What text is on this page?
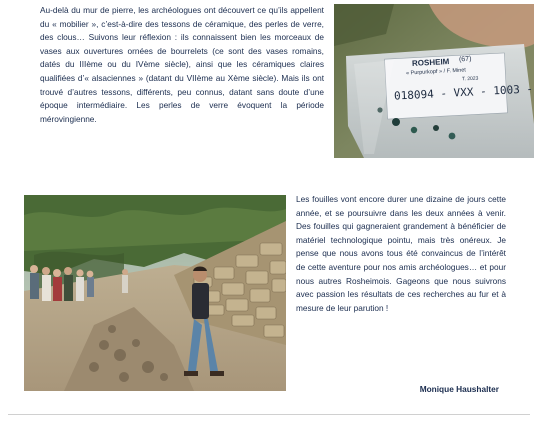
Au-delà du mur de pierre, les archéologues ont découvert ce qu’ils appellent du « mobilier », c’est-à-dire des tessons de céramique, des perles de verre, des clous… Suivons leur réflexion : ils connaissent bien les morceaux de vases aux ouvertures ornées de bourrelets (ce sont des vases romains, datés du IIIème ou du IVème siècle), ainsi que les céramiques claires qualifiées d’« alsaciennes » (datant du VIIème au Xème siècle). Mais ils ont trouvé d’autres tessons, différents, peu connus, datant sans doute d’une époque intermédiaire. Les perles de verre évoquent la période mérovingienne.

ROSHEIM (67)
« Purpurkopf » / F. Minet
T. 2023
018094 - VXX - 1003 -

Les fouilles vont encore durer une dizaine de jours cette année, et se poursuivre dans les deux années à venir. Des fouilles qui gagneraient grandement à bénéficier de matériel technologique pointu, mais très onéreux. Je pense que nous avons tous été convaincus de l’intérêt de cette aventure pour nos amis archéologues… et pour nous autres Rosheimois. Gageons que nous suivrons avec passion les résultats de ces recherches au fur et à mesure de leur parution !

Monique Haushalter
